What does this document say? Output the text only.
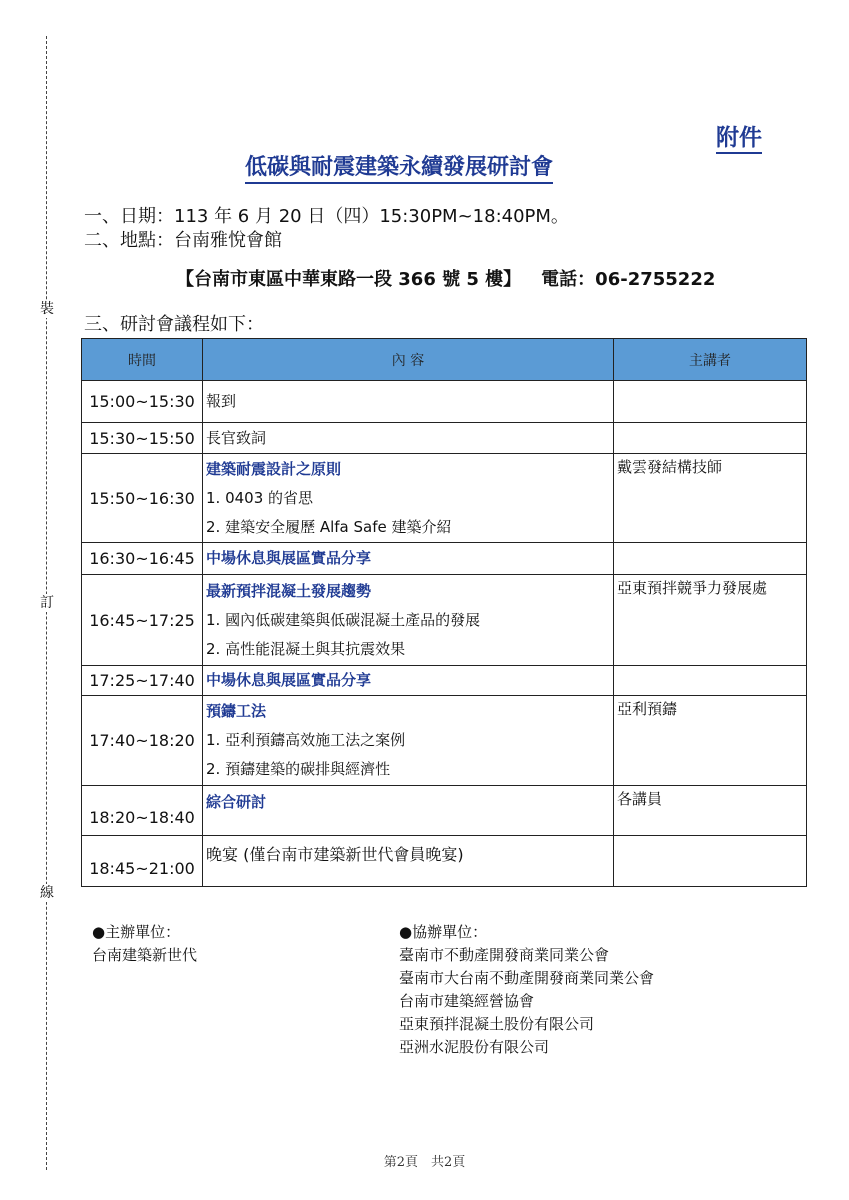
裝
訂
線
附件
低碳與耐震建築永續發展研討會
一、日期：113 年 6 月 20 日（四）15:30PM~18:40PM。
二、地點：台南雅悅會館
【台南市東區中華東路一段 366 號 5 樓】 電話：06-2755222
三、研討會議程如下：
時間	內 容	主講者
15:00~15:30	報到	

15:30~15:50	長官致詞	

15:50~16:30	建築耐震設計之原則
1. 0403 的省思
2. 建築安全履歷 Alfa Safe 建築介紹	戴雲發結構技師
16:30~16:45	中場休息與展區實品分享	

16:45~17:25	最新預拌混凝土發展趨勢
1. 國內低碳建築與低碳混凝土產品的發展
2. 高性能混凝土與其抗震效果	亞東預拌競爭力發展處
17:25~17:40	中場休息與展區實品分享	

17:40~18:20	預鑄工法
1. 亞利預鑄高效施工法之案例
2. 預鑄建築的碳排與經濟性	亞利預鑄
18:20~18:40	綜合研討	各講員
18:45~21:00	晚宴 (僅台南市建築新世代會員晚宴)	

●主辦單位：
台南建築新世代
●協辦單位：
臺南市不動產開發商業同業公會
臺南市大台南不動產開發商業同業公會
台南市建築經營協會
亞東預拌混凝土股份有限公司
亞洲水泥股份有限公司
第2頁　共2頁
